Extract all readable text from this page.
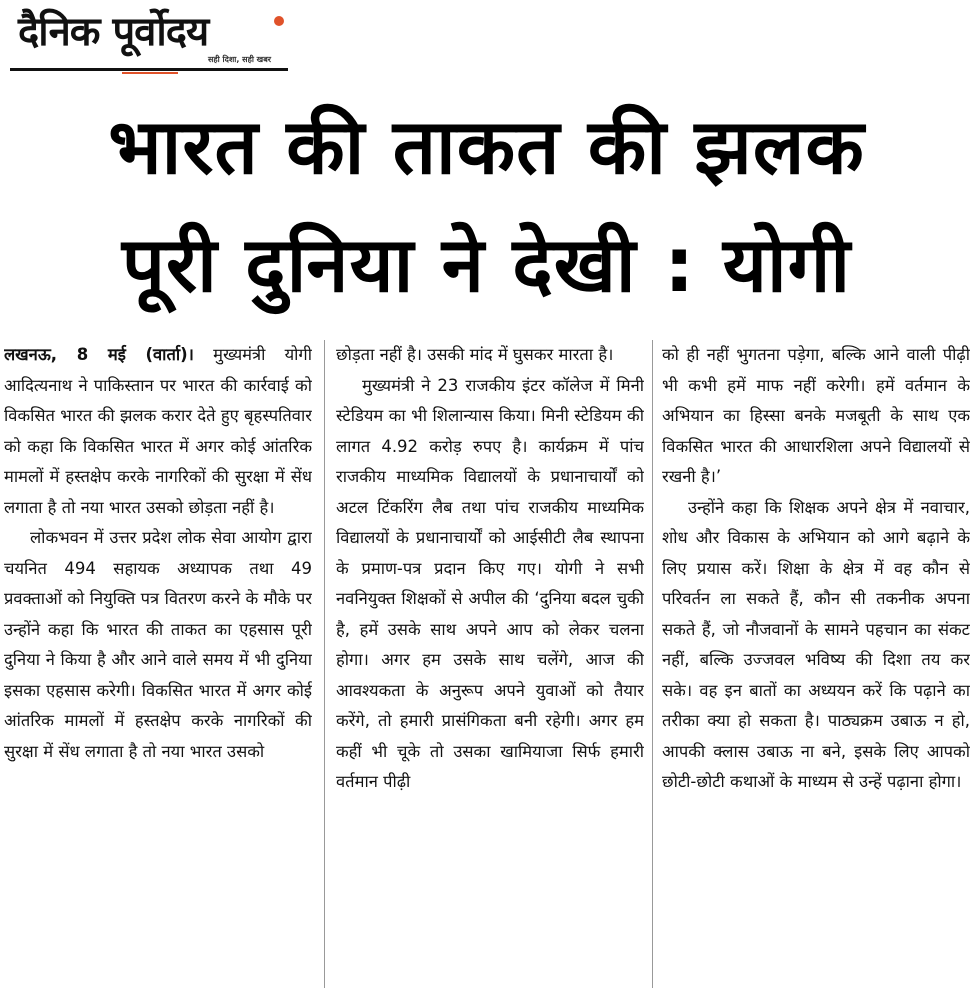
दैनिक पूर्वोदय
सही दिशा, सही खबर
भारत की ताकत की झलक
पूरी दुनिया ने देखी : योगी

लखनऊ, 8 मई (वार्ता)। मुख्यमंत्री योगी आदित्यनाथ ने पाकिस्तान पर भारत की कार्रवाई को विकसित भारत की झलक करार देते हुए बृहस्पतिवार को कहा कि विकसित भारत में अगर कोई आंतरिक मामलों में हस्तक्षेप करके नागरिकों की सुरक्षा में सेंध लगाता है तो नया भारत उसको छोड़ता नहीं है।

लोकभवन में उत्तर प्रदेश लोक सेवा आयोग द्वारा चयनित 494 सहायक अध्यापक तथा 49 प्रवक्ताओं को नियुक्ति पत्र वितरण करने के मौके पर उन्होंने कहा कि भारत की ताकत का एहसास पूरी दुनिया ने किया है और आने वाले समय में भी दुनिया इसका एहसास करेगी। विकसित भारत में अगर कोई आंतरिक मामलों में हस्तक्षेप करके नागरिकों की सुरक्षा में सेंध लगाता है तो नया भारत उसको

छोड़ता नहीं है। उसकी मांद में घुसकर मारता है।

मुख्यमंत्री ने 23 राजकीय इंटर कॉलेज में मिनी स्टेडियम का भी शिलान्यास किया। मिनी स्टेडियम की लागत 4.92 करोड़ रुपए है। कार्यक्रम में पांच राजकीय माध्यमिक विद्यालयों के प्रधानाचार्यों को अटल टिंकरिंग लैब तथा पांच राजकीय माध्यमिक विद्यालयों के प्रधानाचार्यों को आईसीटी लैब स्थापना के प्रमाण-पत्र प्रदान किए गए। योगी ने सभी नवनियुक्त शिक्षकों से अपील की ‘दुनिया बदल चुकी है, हमें उसके साथ अपने आप को लेकर चलना होगा। अगर हम उसके साथ चलेंगे, आज की आवश्यकता के अनुरूप अपने युवाओं को तैयार करेंगे, तो हमारी प्रासंगिकता बनी रहेगी। अगर हम कहीं भी चूके तो उसका खामियाजा सिर्फ हमारी वर्तमान पीढ़ी

को ही नहीं भुगतना पड़ेगा, बल्कि आने वाली पीढ़ी भी कभी हमें माफ नहीं करेगी। हमें वर्तमान के अभियान का हिस्सा बनके मजबूती के साथ एक विकसित भारत की आधारशिला अपने विद्यालयों से रखनी है।’

उन्होंने कहा कि शिक्षक अपने क्षेत्र में नवाचार, शोध और विकास के अभियान को आगे बढ़ाने के लिए प्रयास करें। शिक्षा के क्षेत्र में वह कौन से परिवर्तन ला सकते हैं, कौन सी तकनीक अपना सकते हैं, जो नौजवानों के सामने पहचान का संकट नहीं, बल्कि उज्जवल भविष्य की दिशा तय कर सके। वह इन बातों का अध्ययन करें कि पढ़ाने का तरीका क्या हो सकता है। पाठ्यक्रम उबाऊ न हो, आपकी क्लास उबाऊ ना बने, इसके लिए आपको छोटी-छोटी कथाओं के माध्यम से उन्हें पढ़ाना होगा।
